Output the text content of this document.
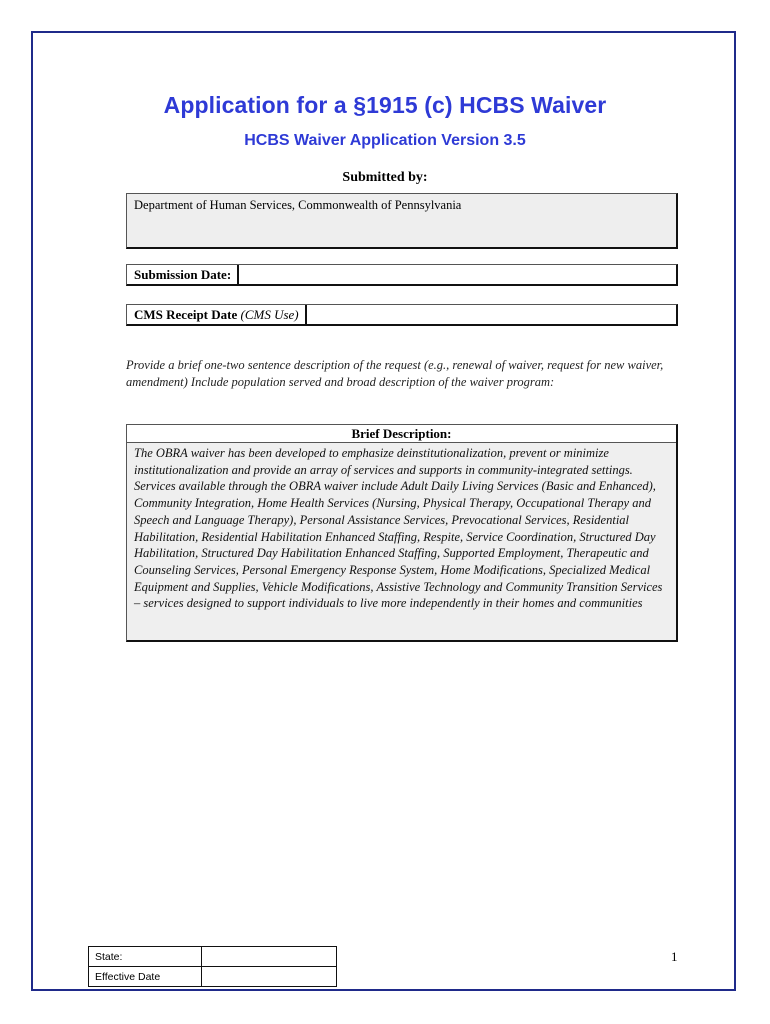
Application for a §1915 (c) HCBS Waiver
HCBS Waiver Application Version 3.5
Submitted by:
Department of Human Services, Commonwealth of Pennsylvania
Submission Date:
CMS Receipt Date (CMS Use)
Provide a brief one-two sentence description of the request (e.g., renewal of waiver, request for new waiver, amendment) Include population served and broad description of the waiver program:
Brief Description:
The OBRA waiver has been developed to emphasize deinstitutionalization, prevent or minimize institutionalization and provide an array of services and supports in community-integrated settings. Services available through the OBRA waiver include Adult Daily Living Services (Basic and Enhanced), Community Integration, Home Health Services (Nursing, Physical Therapy, Occupational Therapy and Speech and Language Therapy), Personal Assistance Services, Prevocational Services, Residential Habilitation, Residential Habilitation Enhanced Staffing, Respite, Service Coordination, Structured Day Habilitation, Structured Day Habilitation Enhanced Staffing, Supported Employment, Therapeutic and Counseling Services, Personal Emergency Response System, Home Modifications, Specialized Medical Equipment and Supplies, Vehicle Modifications, Assistive Technology and Community Transition Services – services designed to support individuals to live more independently in their homes and communities
State:	
Effective Date	
1
